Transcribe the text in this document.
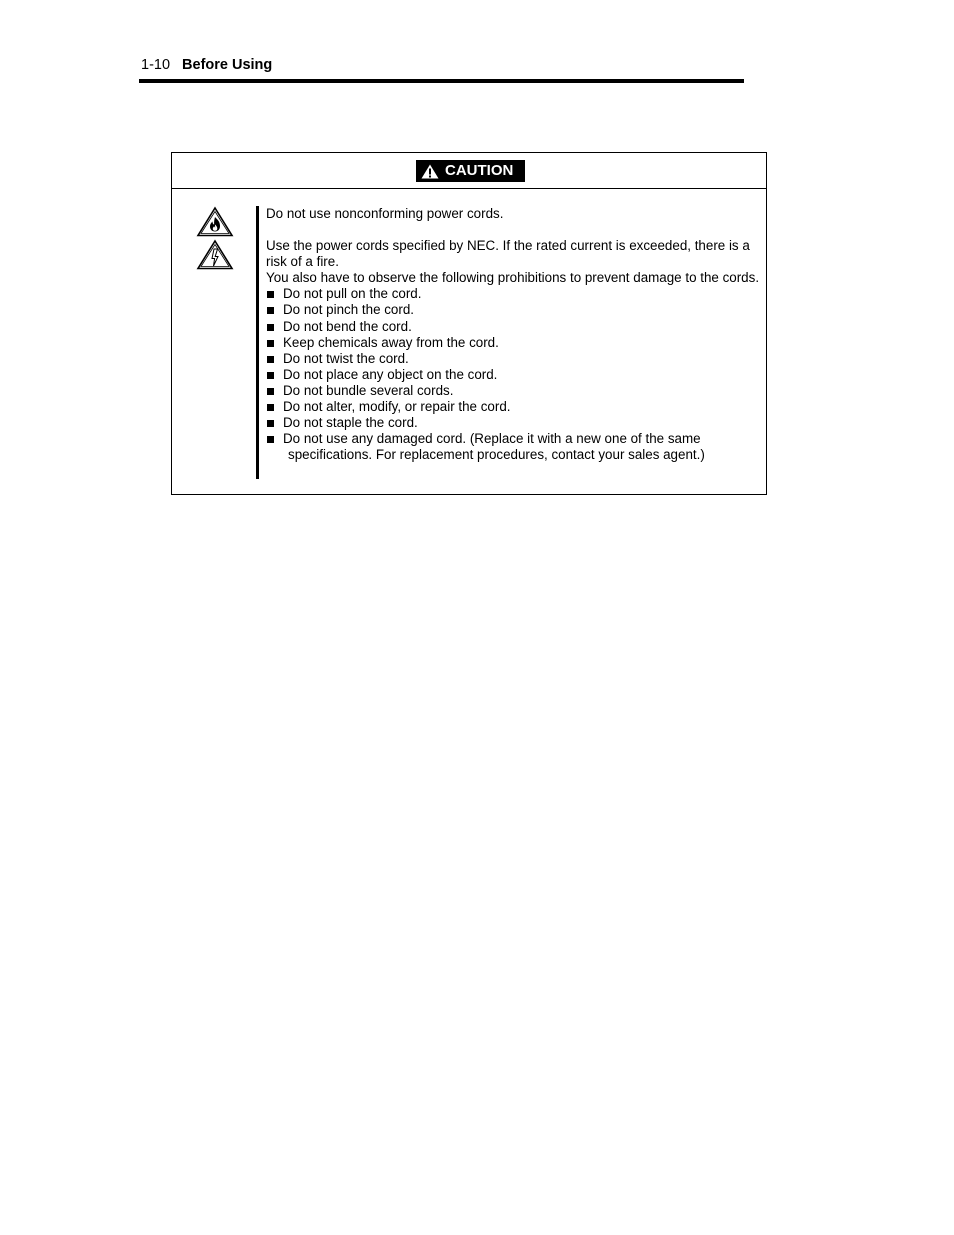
1-10 Before Using
CAUTION

Do not use nonconforming power cords.

Use the power cords specified by NEC. If the rated current is exceeded, there is a risk of a fire.

You also have to observe the following prohibitions to prevent damage to the cords.

Do not pull on the cord.
Do not pinch the cord.
Do not bend the cord.
Keep chemicals away from the cord.
Do not twist the cord.
Do not place any object on the cord.
Do not bundle several cords.
Do not alter, modify, or repair the cord.
Do not staple the cord.
Do not use any damaged cord. (Replace it with a new one of the same
specifications. For replacement procedures, contact your sales agent.)
